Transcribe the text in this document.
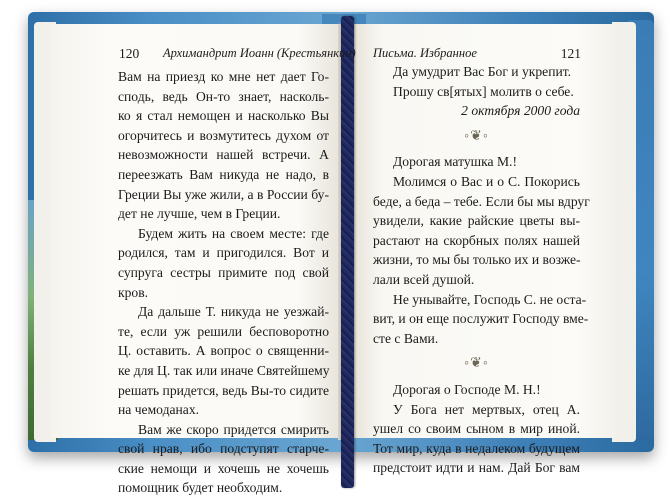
120 Архимандрит Иоанн (Крестьянкин) Письма. Избранное	121
Вам на приезд ко мне нет дает Го-
сподь, ведь Он-то знает, насколь-
ко я стал немощен и насколько Вы
огорчитесь и возмутитесь духом от
невозможности нашей встречи. А
переезжать Вам никуда не надо, в
Греции Вы уже жили, а в России бу-
дет не лучше, чем в Греции.
Будем жить на своем месте: где
родился, там и пригодился. Вот и
супруга сестры примите под свой
кров.
Да дальше Т. никуда не уезжай-
те, если уж решили бесповоротно
Ц. оставить. А вопрос о священни-
ке для Ц. так или иначе Святейшему
решать придется, ведь Вы-то сидите
на чемоданах.
Вам же скоро придется смирить
свой нрав, ибо подступят старче-
ские немощи и хочешь не хочешь
помощник будет необходим.
Да умудрит Вас Бог и укрепит.
Прошу св[ятых] молитв о себе.
2 октября 2000 года
◦❦◦
Дорогая матушка М.!
Молимся о Вас и о С. Покорись
беде, а беда – тебе. Если бы мы вдруг
увидели, какие райские цветы вы-
растают на скорбных полях нашей
жизни, то мы бы только их и возже-
лали всей душой.
Не унывайте, Господь С. не оста-
вит, и он еще послужит Господу вме-
сте с Вами.
◦❦◦
Дорогая о Господе М. Н.!
У Бога нет мертвых, отец А.
ушел со своим сыном в мир иной.
Тот мир, куда в недалеком будущем
предстоит идти и нам. Дай Бог вам
